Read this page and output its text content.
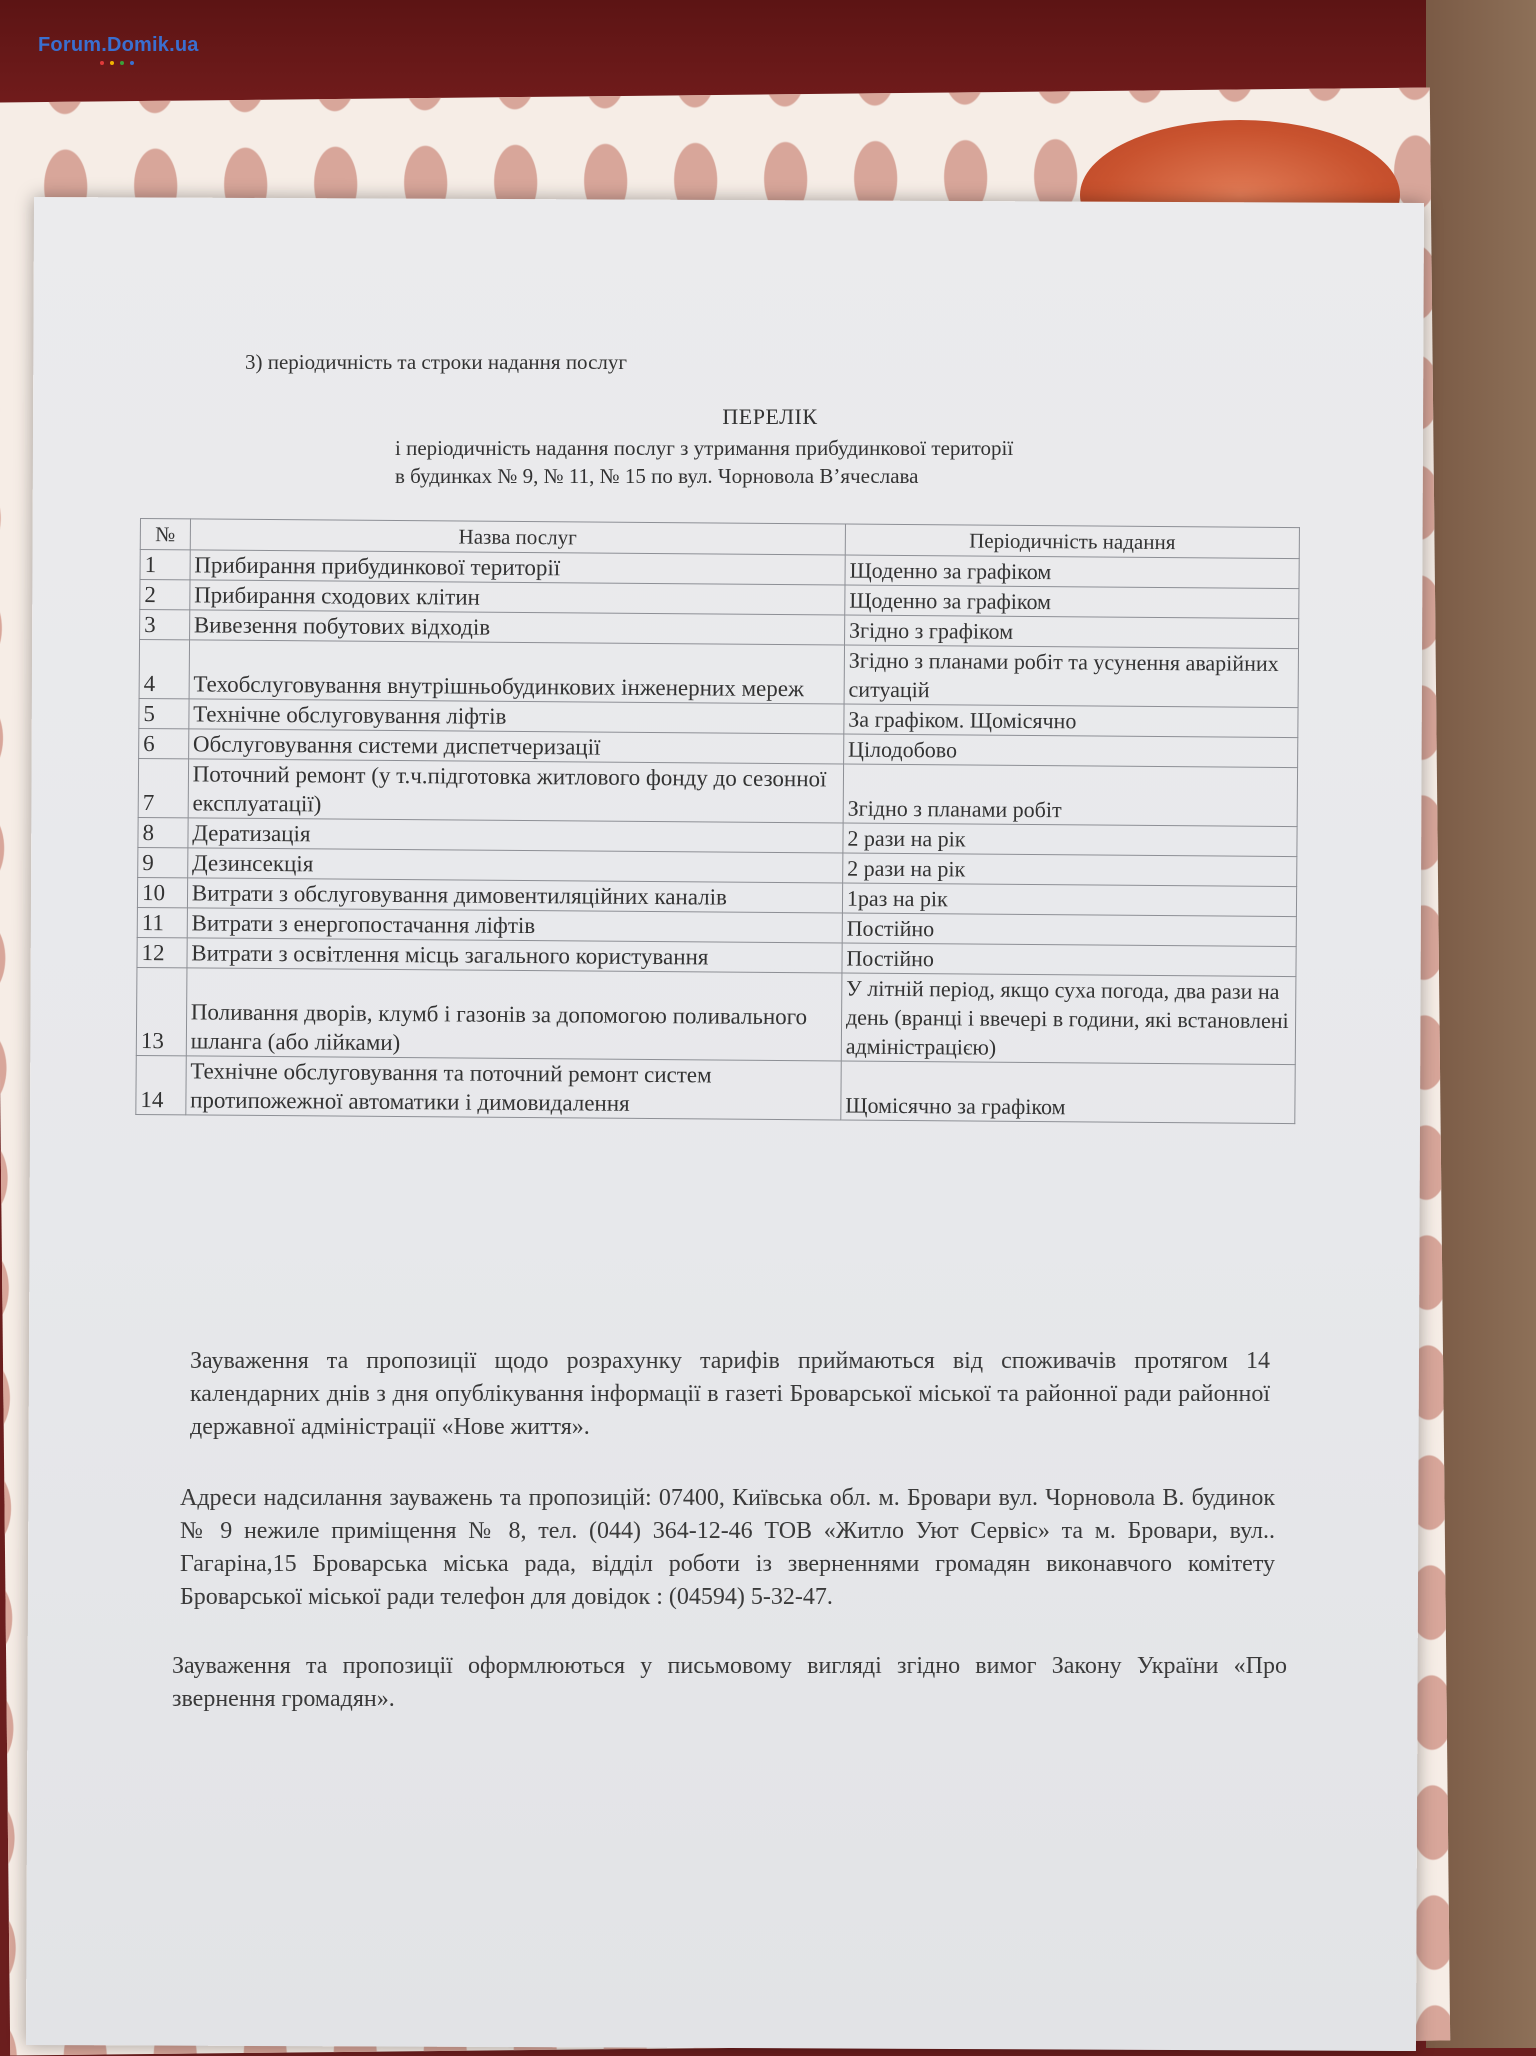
Forum.Domik.ua
3) періодичність та строки надання послуг
ПЕРЕЛІК
і періодичність надання послуг з утримання прибудинкової території
в будинках № 9, № 11, № 15 по вул. Чорновола В’ячеслава
№	Назва послуг	Періодичність надання
1	Прибирання прибудинкової території	Щоденно за графіком
2	Прибирання сходових клітин	Щоденно за графіком
3	Вивезення побутових відходів	Згідно з графіком
4	Техобслуговування внутрішньобудинкових інженерних мереж	Згідно з планами робіт та усунення аварійних ситуацій
5	Технічне обслуговування ліфтів	За графіком. Щомісячно
6	Обслуговування системи диспетчеризації	Цілодобово
7	Поточний ремонт (у т.ч.підготовка житлового фонду до сезонної експлуатації)	Згідно з планами робіт
8	Дератизація	2 рази на рік
9	Дезинсекція	2 рази на рік
10	Витрати з обслуговування димовентиляційних каналів	1раз на рік
11	Витрати з енергопостачання ліфтів	Постійно
12	Витрати з освітлення місць загального користування	Постійно
13	Поливання дворів, клумб і газонів за допомогою поливального шланга (або лійками)	У літній період, якщо суха погода, два рази на день (вранці і ввечері в години, які встановлені адміністрацією)
14	Технічне обслуговування та поточний ремонт систем протипожежної автоматики і димовидалення	Щомісячно за графіком
Зауваження та пропозиції щодо розрахунку тарифів приймаються від споживачів протягом 14 календарних днів з дня опублікування інформації в газеті Броварської міської та районної ради районної державної адміністрації «Нове життя».
Адреси надсилання зауважень та пропозицій: 07400, Київська обл. м. Бровари вул. Чорновола В. будинок № 9 нежиле приміщення № 8, тел. (044) 364-12-46 ТОВ «Житло Уют Сервіс» та м. Бровари, вул.. Гагаріна,15 Броварська міська рада, відділ роботи із зверненнями громадян виконавчого комітету Броварської міської ради телефон для довідок : (04594) 5-32-47.
Зауваження та пропозиції оформлюються у письмовому вигляді згідно вимог Закону України «Про звернення громадян».
